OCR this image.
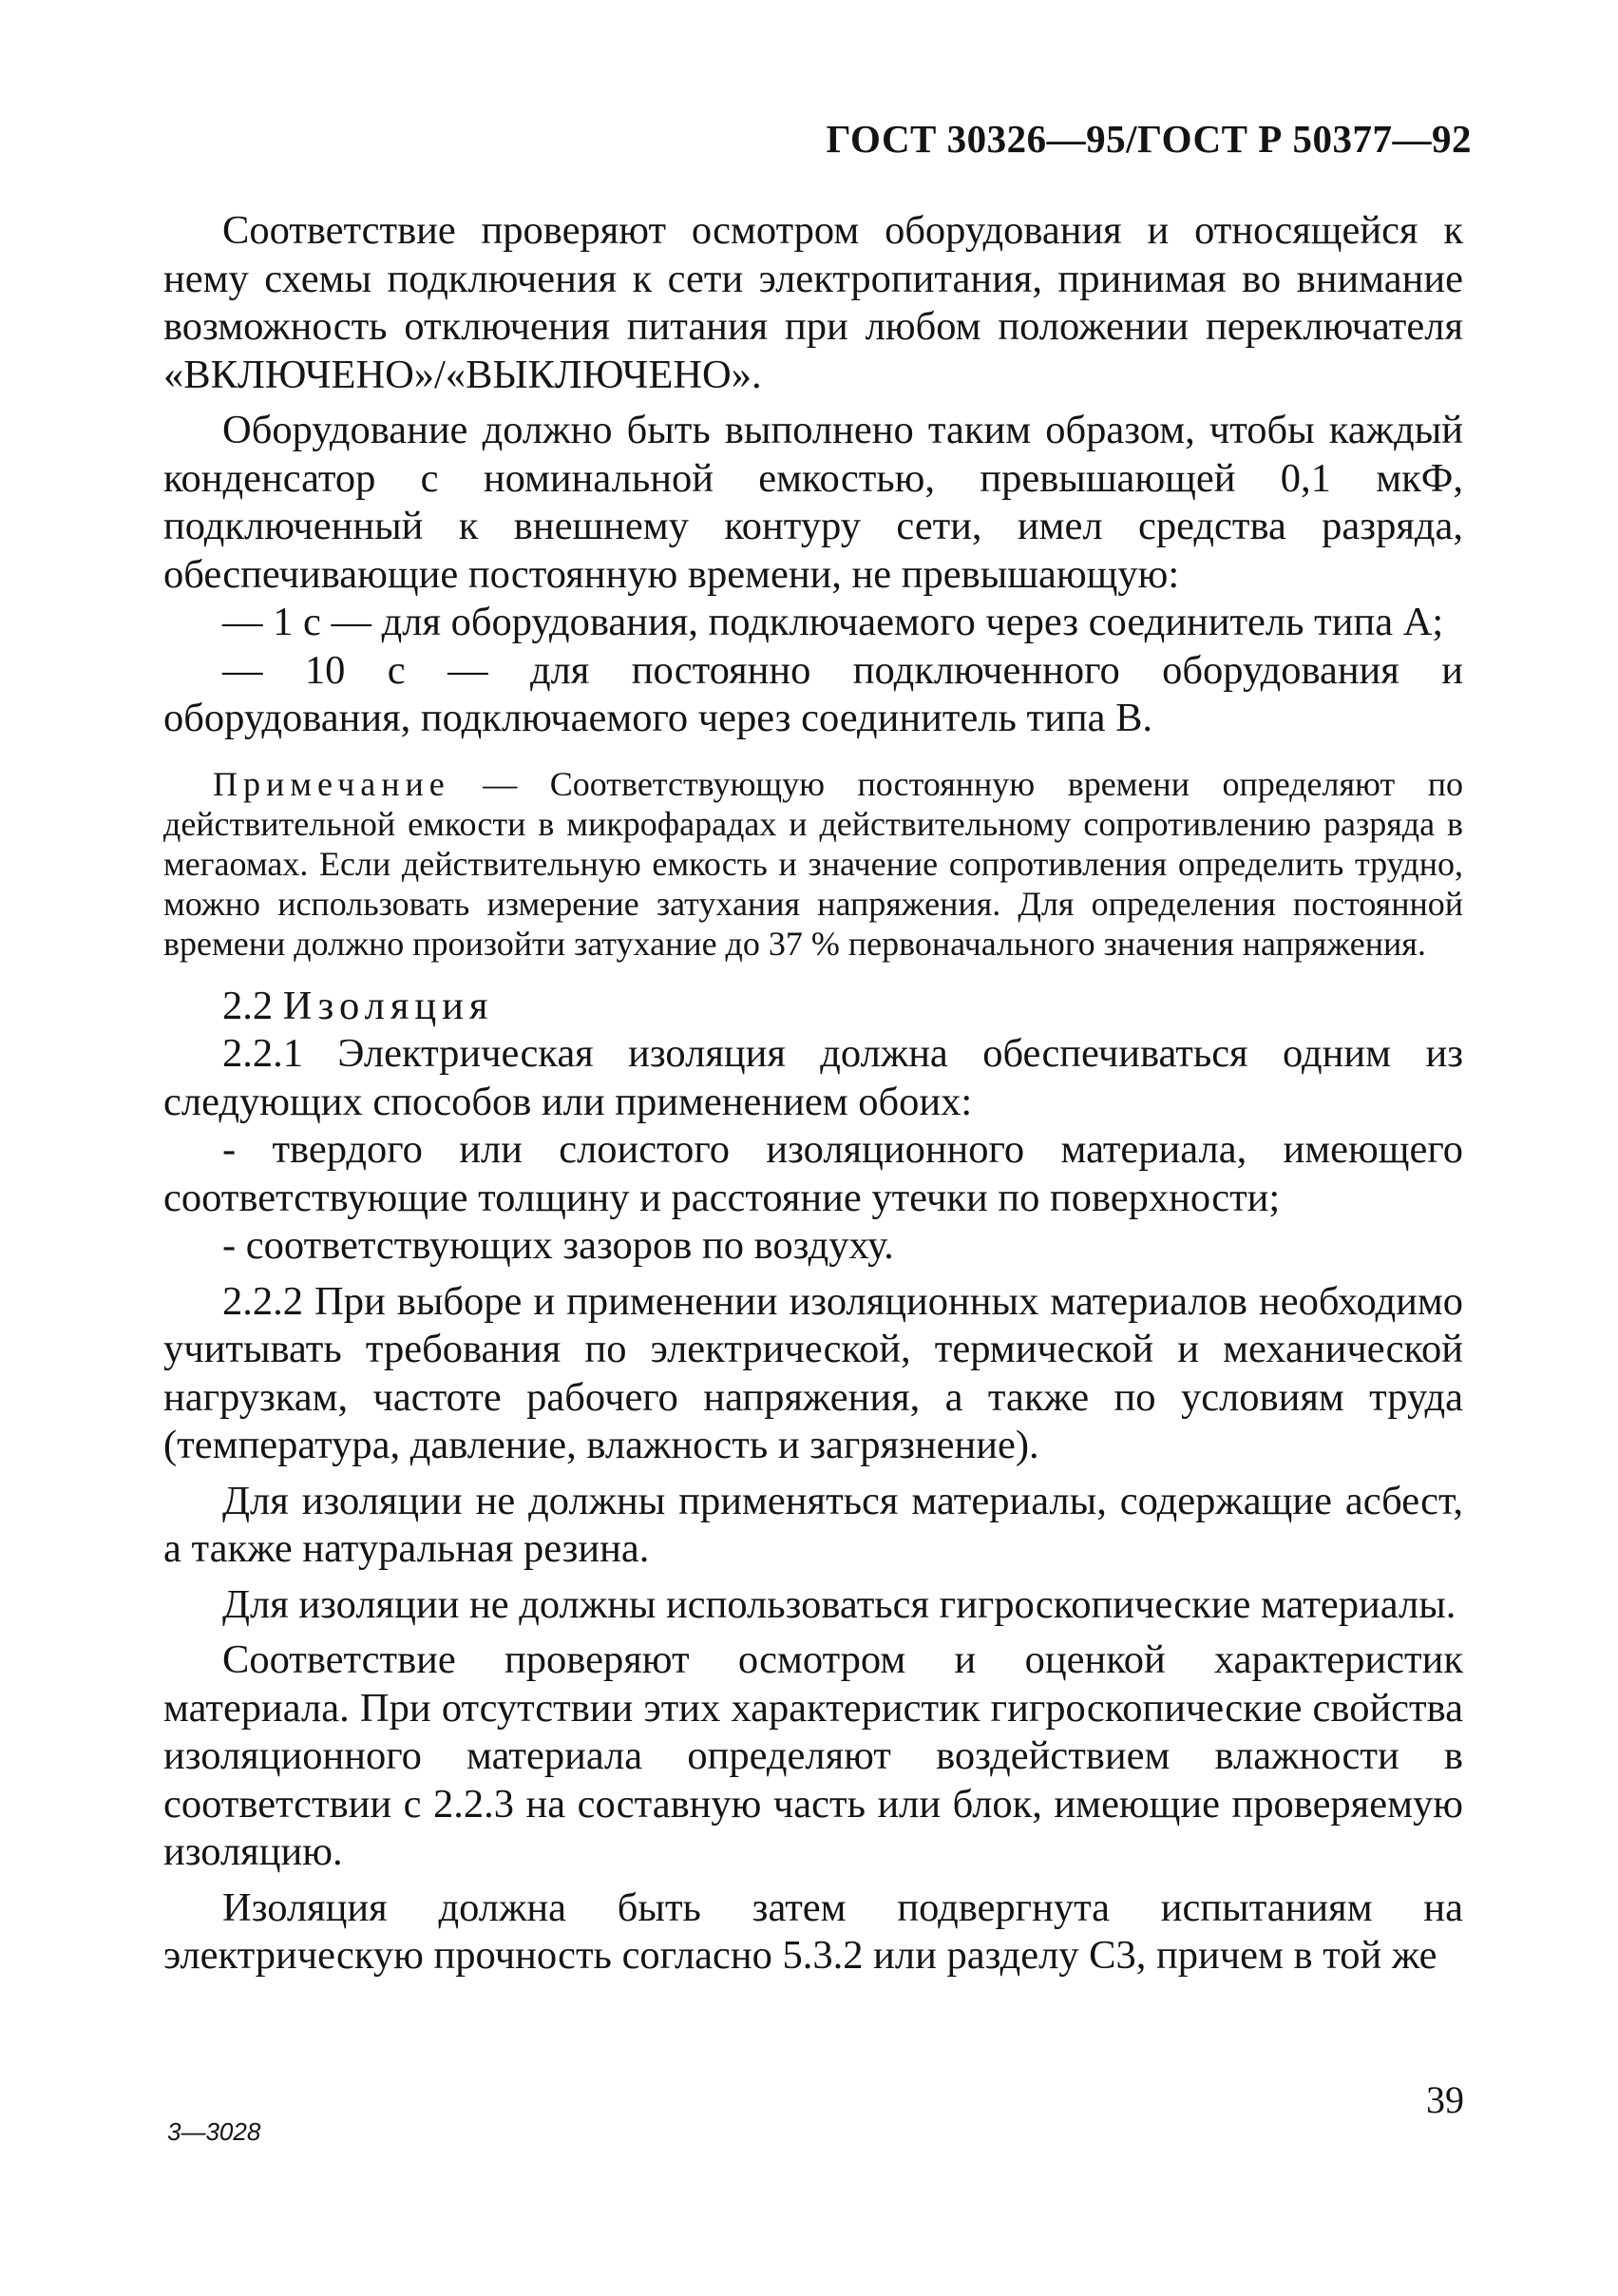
ГОСТ 30326—95/ГОСТ Р 50377—92

Соответствие проверяют осмотром оборудования и относящейся к нему схемы подключения к сети электропитания, принимая во внимание возможность отключения питания при любом положении переключателя «ВКЛЮЧЕНО»/«ВЫКЛЮЧЕНО».

Оборудование должно быть выполнено таким образом, чтобы каждый конденсатор с номинальной емкостью, превышающей 0,1 мкФ, подключенный к внешнему контуру сети, имел средства разряда, обеспечивающие постоянную времени, не превышающую:

— 1 с — для оборудования, подключаемого через соединитель типа А;

— 10 с — для постоянно подключенного оборудования и оборудования, подключаемого через соединитель типа В.

Примечание — Соответствующую постоянную времени определяют по действительной емкости в микрофарадах и действительному сопротивлению разряда в мегаомах. Если действительную емкость и значение сопротивления определить трудно, можно использовать измерение затухания напряжения. Для определения постоянной времени должно произойти затухание до 37 % первоначального значения напряжения.

2.2 Изоляция

2.2.1 Электрическая изоляция должна обеспечиваться одним из следующих способов или применением обоих:

- твердого или слоистого изоляционного материала, имеющего соответствующие толщину и расстояние утечки по поверхности;

- соответствующих зазоров по воздуху.

2.2.2 При выборе и применении изоляционных материалов необходимо учитывать требования по электрической, термической и механической нагрузкам, частоте рабочего напряжения, а также по условиям труда (температура, давление, влажность и загрязнение).

Для изоляции не должны применяться материалы, содержащие асбест, а также натуральная резина.

Для изоляции не должны использоваться гигроскопические материалы.

Соответствие проверяют осмотром и оценкой характеристик материала. При отсутствии этих характеристик гигроскопические свойства изоляционного материала определяют воздействием влажности в соответствии с 2.2.3 на составную часть или блок, имеющие проверяемую изоляцию.

Изоляция должна быть затем подвергнута испытаниям на электрическую прочность согласно 5.3.2 или разделу С3, причем в той же

3—3028
39
